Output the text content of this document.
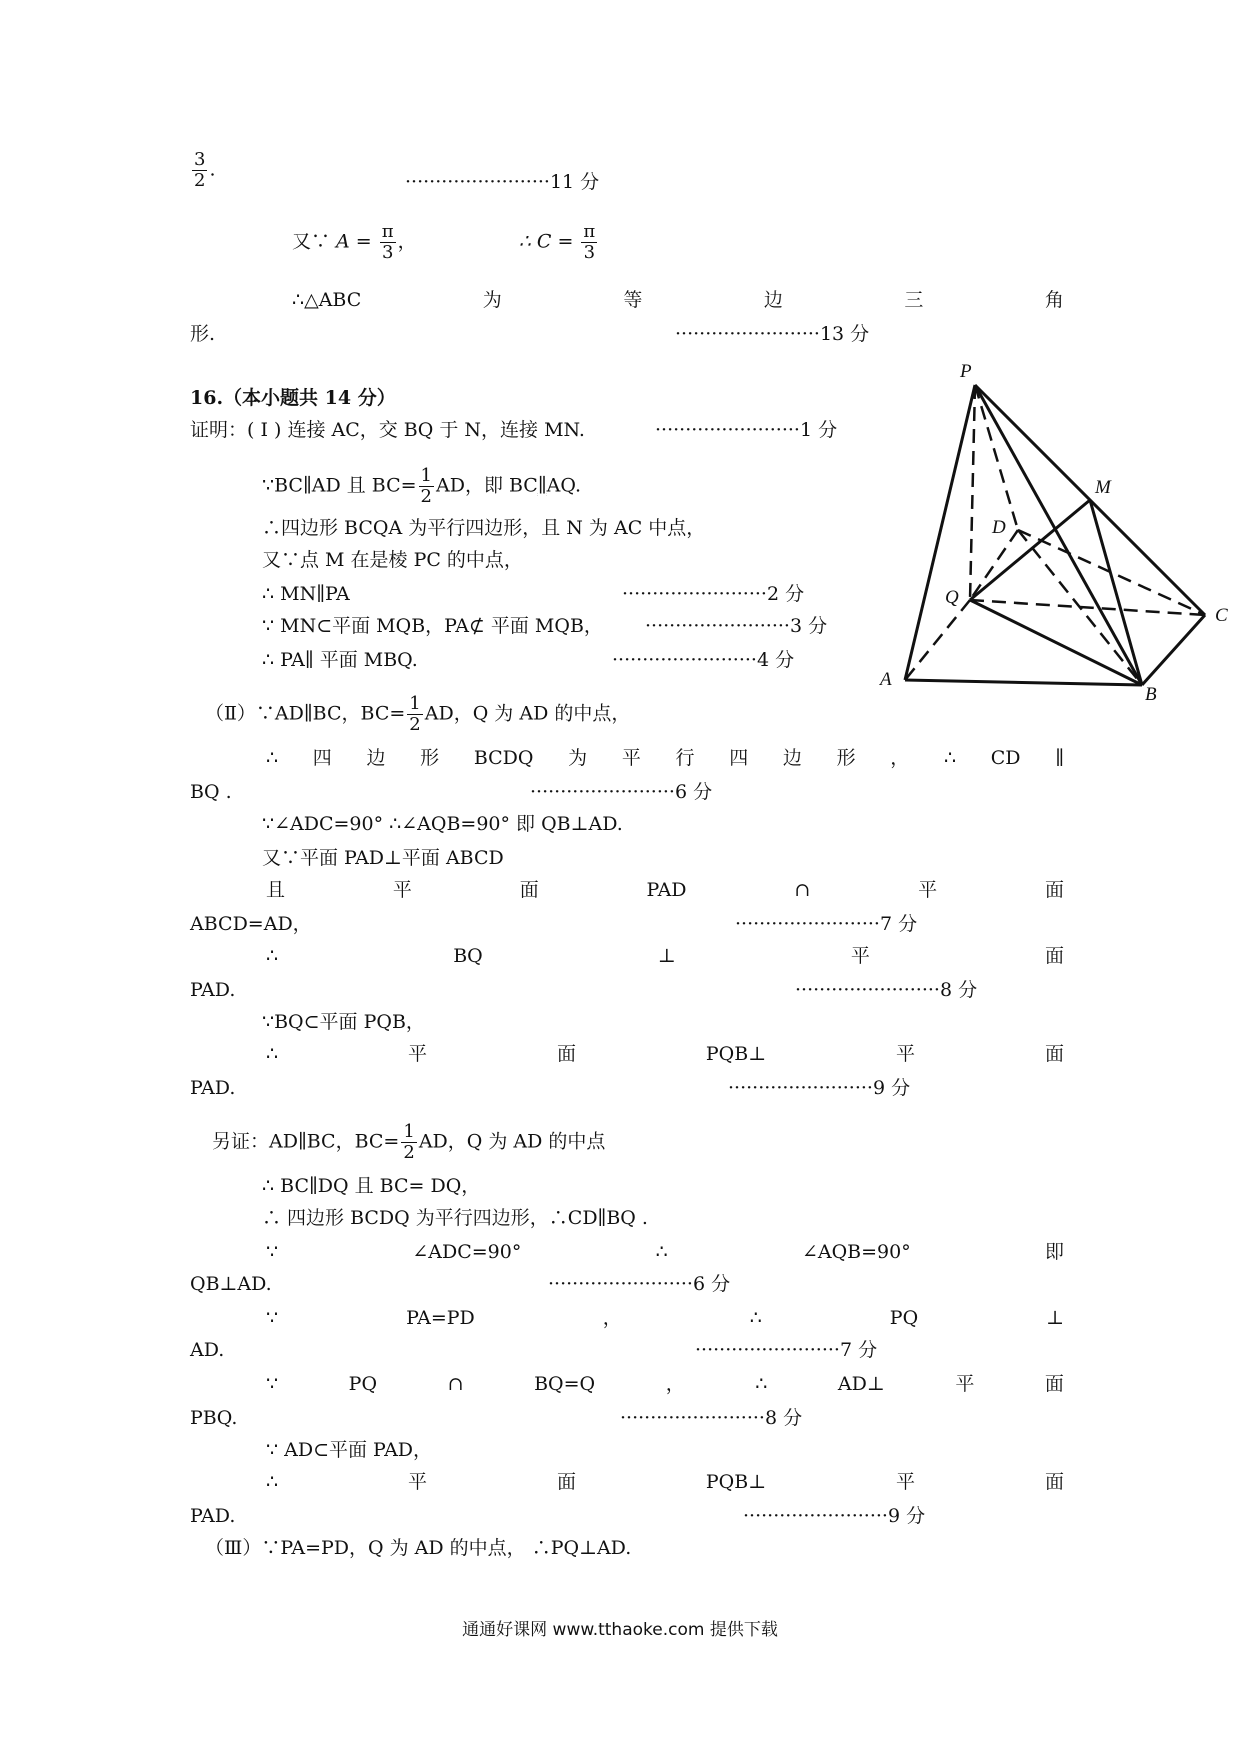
$\frac{3}{2}$ .
························11 分
又∵ $A = \frac{\pi}{3}$ ，	∴ $C = \frac{\pi}{3}$
∴△ABC	为	等	边	三	角
形.	························13 分
16.（本小题共 14 分）
证明：( Ⅰ ) 连接 AC，交 BQ 于 N，连接 MN.	························1 分
∵BC∥AD 且 $BC= \frac{1}{2}$ AD，即 BC∥AQ.
∴四边形 BCQA 为平行四边形，且 N 为 AC 中点，
又∵点 M 在是棱 PC 的中点，
∴ MN∥PA	························2 分
∵ MN⊂平面 MQB，PA⊄ 平面 MQB， ························3 分
∴ PA∥ 平面 MBQ.	························4 分
（Ⅱ）∵AD∥BC，$BC= \frac{1}{2}$ AD，Q 为 AD 的中点，
∴ 四 边 形 BCDQ 为 平 行 四 边 形 ， ∴ CD ∥
BQ .	························6 分
∵∠ADC=90° ∴∠AQB=90° 即 QB⊥AD.
又∵平面 PAD⊥平面 ABCD
且	平	面	PAD	∩	平	面
ABCD=AD，	························7 分
∴	BQ	⊥	平	面
PAD.	························8 分
∵BQ⊂平面 PQB，
∴	平	面	PQB⊥	平	面
PAD.	························9 分
另证：AD∥BC，$BC= \frac{1}{2}$ AD，Q 为 AD 的中点
∴ BC∥DQ 且 BC= DQ，
∴ 四边形 BCDQ 为平行四边形，∴CD∥BQ .
∵	∠ADC=90°	∴	∠AQB=90°	即
QB⊥AD.	························6 分
∵	PA=PD	，	∴	PQ	⊥
AD.	························7 分
∵	PQ	∩	BQ=Q	，	∴	AD⊥	平	面
PBQ.	························8 分
∵ AD⊂平面 PAD，
∴	平	面	PQB⊥	平	面
PAD.	························9 分
（Ⅲ）∵PA=PD，Q 为 AD 的中点， ∴PQ⊥AD.
P
M
D
Q
C
A
B
通通好课网 www.tthaoke.com 提供下载
